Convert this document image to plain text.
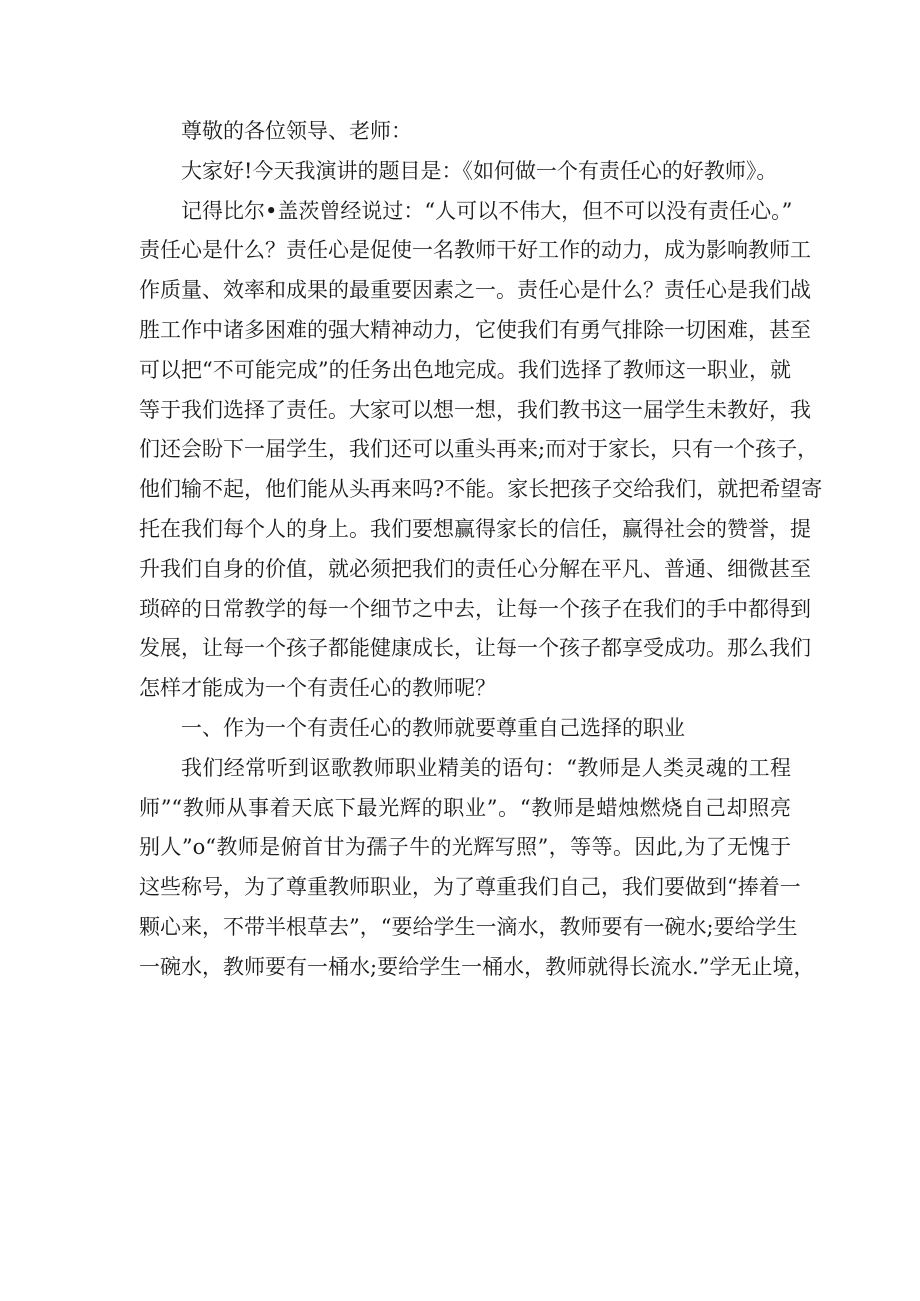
尊敬的各位领导、老师：
大家好!今天我演讲的题目是：《如何做一个有责任心的好教师》。
记得比尔•盖茨曾经说过：“人可以不伟大，但不可以没有责任心。”
责任心是什么？责任心是促使一名教师干好工作的动力，成为影响教师工
作质量、效率和成果的最重要因素之一。责任心是什么？责任心是我们战
胜工作中诸多困难的强大精神动力，它使我们有勇气排除一切困难，甚至
可以把“不可能完成”的任务出色地完成。我们选择了教师这一职业，就
等于我们选择了责任。大家可以想一想，我们教书这一届学生未教好，我
们还会盼下一届学生，我们还可以重头再来;而对于家长，只有一个孩子，
他们输不起，他们能从头再来吗?不能。家长把孩子交给我们，就把希望寄
托在我们每个人的身上。我们要想赢得家长的信任，赢得社会的赞誉，提
升我们自身的价值，就必须把我们的责任心分解在平凡、普通、细微甚至
琐碎的日常教学的每一个细节之中去，让每一个孩子在我们的手中都得到
发展，让每一个孩子都能健康成长，让每一个孩子都享受成功。那么我们
怎样才能成为一个有责任心的教师呢？
一、作为一个有责任心的教师就要尊重自己选择的职业
我们经常听到讴歌教师职业精美的语句：“教师是人类灵魂的工程
师”“教师从事着天底下最光辉的职业”。“教师是蜡烛燃烧自己却照亮
别人”o“教师是俯首甘为孺子牛的光辉写照”，等等。因此,为了无愧于
这些称号，为了尊重教师职业，为了尊重我们自己，我们要做到“捧着一
颗心来，不带半根草去”，“要给学生一滴水，教师要有一碗水;要给学生
一碗水，教师要有一桶水;要给学生一桶水，教师就得长流水.”学无止境，
